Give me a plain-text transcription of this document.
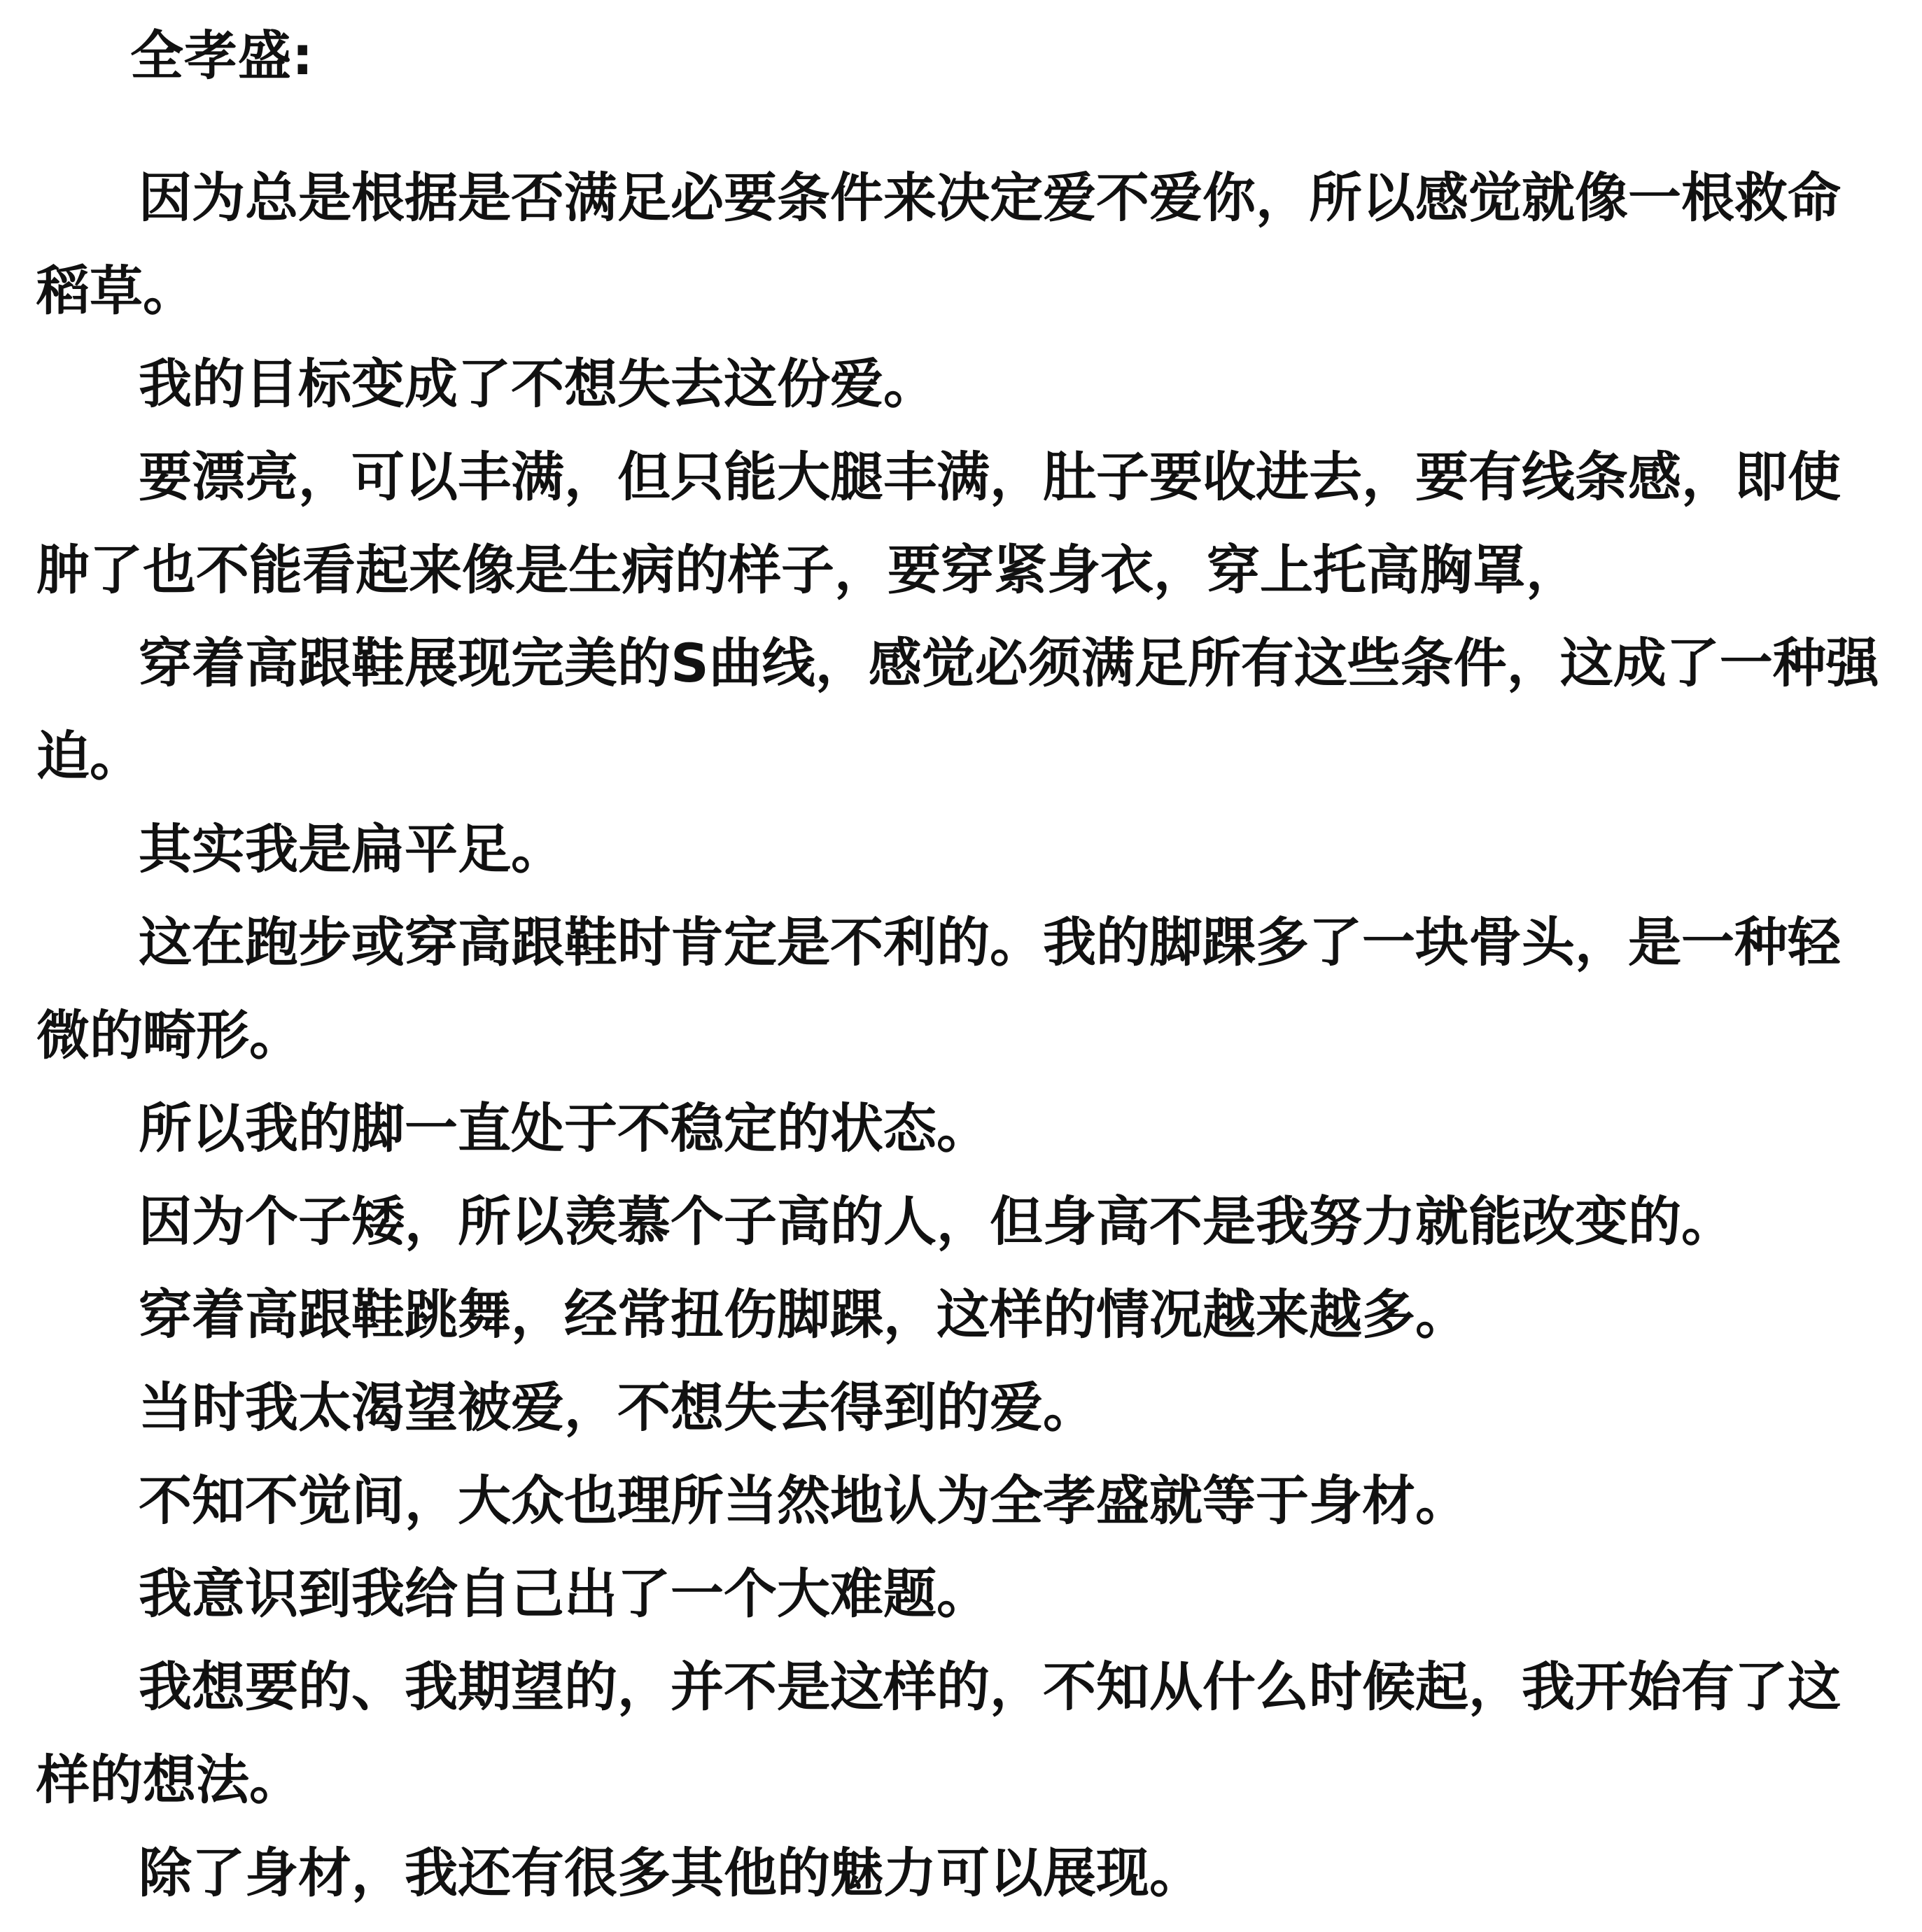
全孝盛:

因为总是根据是否满足必要条件来决定爱不爱你，所以感觉就像一根救命稻草。

我的目标变成了不想失去这份爱。

要漂亮，可以丰满，但只能大腿丰满，肚子要收进去，要有线条感，即使肿了也不能看起来像是生病的样子，要穿紧身衣，穿上托高胸罩，

穿着高跟鞋展现完美的S曲线，感觉必须满足所有这些条件，这成了一种强迫。

其实我是扁平足。

这在跑步或穿高跟鞋时肯定是不利的。我的脚踝多了一块骨头，是一种轻微的畸形。

所以我的脚一直处于不稳定的状态。

因为个子矮，所以羡慕个子高的人，但身高不是我努力就能改变的。

穿着高跟鞋跳舞，经常扭伤脚踝，这样的情况越来越多。

当时我太渴望被爱，不想失去得到的爱。

不知不觉间，大众也理所当然地认为全孝盛就等于身材。

我意识到我给自己出了一个大难题。

我想要的、我期望的，并不是这样的，不知从什么时候起，我开始有了这样的想法。

除了身材，我还有很多其他的魅力可以展现。
